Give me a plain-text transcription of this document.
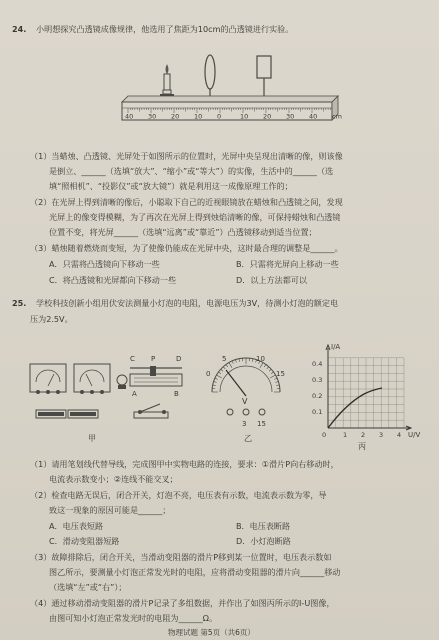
24. 小明想探究凸透镜成像规律，他选用了焦距为10cm的凸透镜进行实验。
40 30 20 10 0	10 20 30 40 cm
（1）当蜡烛、凸透镜、光屏处于如图所示的位置时，光屏中央呈现出清晰的像，则该像
是倒立、______（选填“放大”、“缩小”或“等大”）的实像，生活中的______（选
填“照相机”、“投影仪”或“放大镜”）就是利用这一成像原理工作的；
（2）在光屏上得到清晰的像后，小聪取下自己的近视眼镜放在蜡烛和凸透镜之间，发现
光屏上的像变得模糊，为了再次在光屏上得到烛焰清晰的像，可保持蜡烛和凸透镜
位置不变，将光屏______（选填“远离”或“靠近”）凸透镜移动到适当位置；
（3）蜡烛随着燃烧而变短，为了使像仍能成在光屏中央，这时最合理的调整是______。
A．只需将凸透镜向下移动一些	B．只需将光屏向上移动一些
C．将凸透镜和光屏都向下移动一些	D．以上方法都可以
25. 学校科技创新小组用伏安法测量小灯泡的电阻，电源电压为3V，待测小灯泡的额定电
压为2.5V。
C P	D
A	B
甲
0
5	10
15
V
3 15
乙
I/A
U/V
0.4
0.3
0.2
0.1
0	1 2 3 4
丙
（1）请用笔划线代替导线，完成图甲中实物电路的连接，要求：①滑片P向右移动时，
电流表示数变小；②连线不能交叉；
（2）检查电路无误后，闭合开关，灯泡不亮，电压表有示数，电流表示数为零，导
致这一现象的原因可能是______；
A．电压表短路	B．电压表断路
C．滑动变阻器短路	D．小灯泡断路
（3）故障排除后，闭合开关，当滑动变阻器的滑片P移到某一位置时，电压表示数如
图乙所示，要测量小灯泡正常发光时的电阻，应将滑动变阻器的滑片向______移动
（选填“左”或“右”）；
（4）通过移动滑动变阻器的滑片P记录了多组数据，并作出了如图丙所示的I-U图像，
由图可知小灯泡正常发光时的电阻为______Ω。
物理试题 第5页（共6页）
